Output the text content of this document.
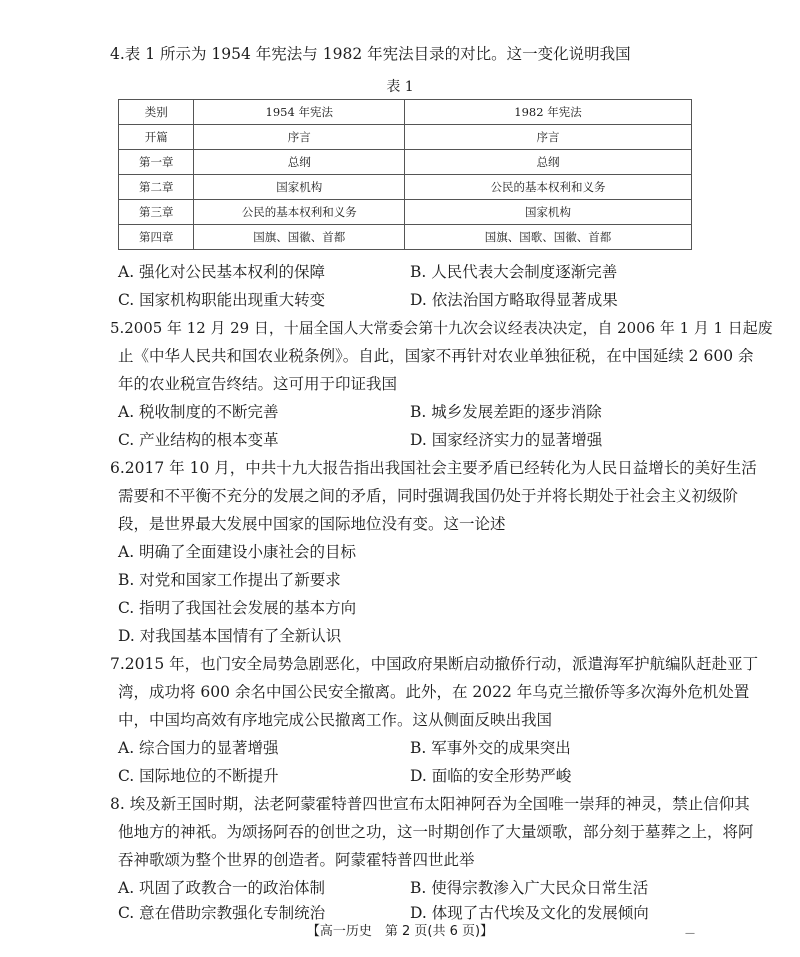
4.表 1 所示为 1954 年宪法与 1982 年宪法目录的对比。这一变化说明我国
表 1
类别	1954 年宪法	1982 年宪法
开篇	序言	序言
第一章	总纲	总纲
第二章	国家机构	公民的基本权利和义务
第三章	公民的基本权利和义务	国家机构
第四章	国旗、国徽、首都	国旗、国歌、国徽、首都
A. 强化对公民基本权利的保障	B. 人民代表大会制度逐渐完善
C. 国家机构职能出现重大转变	D. 依法治国方略取得显著成果
5.2005 年 12 月 29 日，十届全国人大常委会第十九次会议经表决决定，自 2006 年 1 月 1 日起废
止《中华人民共和国农业税条例》。自此，国家不再针对农业单独征税，在中国延续 2 600 余
年的农业税宣告终结。这可用于印证我国
A. 税收制度的不断完善	B. 城乡发展差距的逐步消除
C. 产业结构的根本变革	D. 国家经济实力的显著增强
6.2017 年 10 月，中共十九大报告指出我国社会主要矛盾已经转化为人民日益增长的美好生活
需要和不平衡不充分的发展之间的矛盾，同时强调我国仍处于并将长期处于社会主义初级阶
段，是世界最大发展中国家的国际地位没有变。这一论述
A. 明确了全面建设小康社会的目标
B. 对党和国家工作提出了新要求
C. 指明了我国社会发展的基本方向
D. 对我国基本国情有了全新认识
7.2015 年，也门安全局势急剧恶化，中国政府果断启动撤侨行动，派遣海军护航编队赶赴亚丁
湾，成功将 600 余名中国公民安全撤离。此外，在 2022 年乌克兰撤侨等多次海外危机处置
中，中国均高效有序地完成公民撤离工作。这从侧面反映出我国
A. 综合国力的显著增强	B. 军事外交的成果突出
C. 国际地位的不断提升	D. 面临的安全形势严峻
8. 埃及新王国时期，法老阿蒙霍特普四世宣布太阳神阿吞为全国唯一崇拜的神灵，禁止信仰其
他地方的神祇。为颂扬阿吞的创世之功，这一时期创作了大量颂歌，部分刻于墓葬之上，将阿
吞神歌颂为整个世界的创造者。阿蒙霍特普四世此举
A. 巩固了政教合一的政治体制	B. 使得宗教渗入广大民众日常生活
C. 意在借助宗教强化专制统治	D. 体现了古代埃及文化的发展倾向
【高一历史　第 2 页(共 6 页)】	—
